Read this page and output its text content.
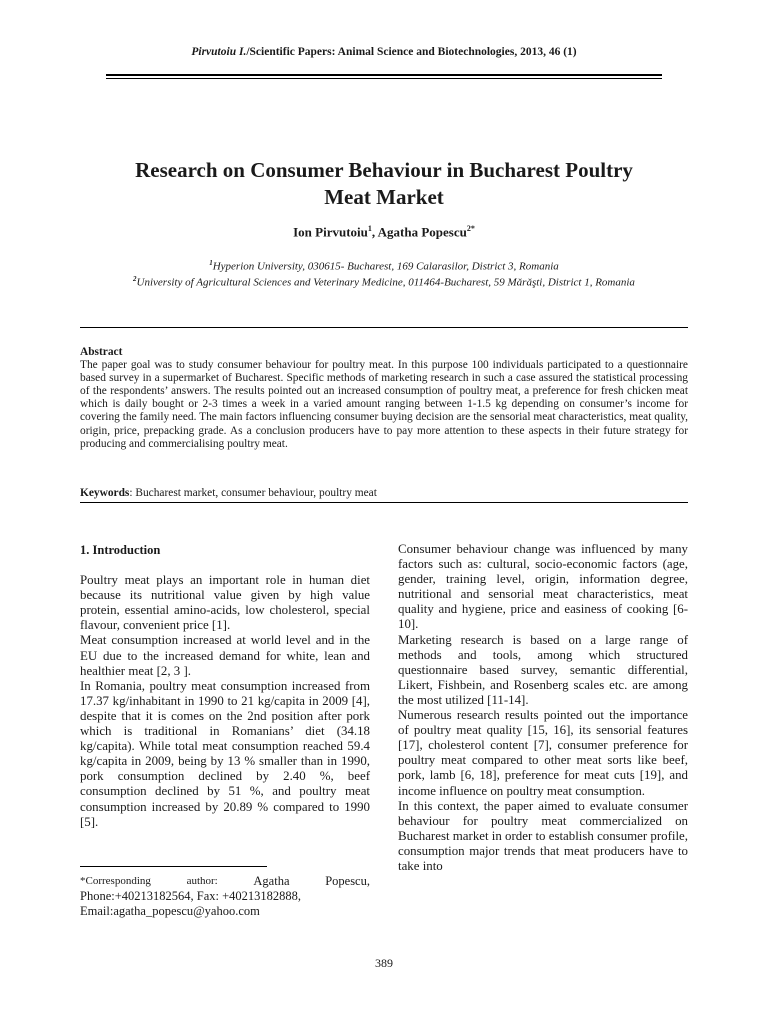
Pirvutoiu I./Scientific Papers: Animal Science and Biotechnologies, 2013, 46 (1)
Research on Consumer Behaviour in Bucharest Poultry
Meat Market
Ion Pirvutoiu$^1$, Agatha Popescu$^{2*}$
$^1$Hyperion University, 030615- Bucharest, 169 Calarasilor, District 3, Romania
$^2$University of Agricultural Sciences and Veterinary Medicine, 011464-Bucharest, 59 Mărăşti, District 1, Romania
Abstract
The paper goal was to study consumer behaviour for poultry meat. In this purpose 100 individuals participated to a questionnaire based survey in a supermarket of Bucharest. Specific methods of marketing research in such a case assured the statistical processing of the respondents’ answers. The results pointed out an increased consumption of poultry meat, a preference for fresh chicken meat which is daily bought or 2-3 times a week in a varied amount ranging between 1-1.5 kg depending on consumer’s income for covering the family need. The main factors influencing consumer buying decision are the sensorial meat characteristics, meat quality, origin, price, prepacking grade. As a conclusion producers have to pay more attention to these aspects in their future strategy for producing and commercialising poultry meat.
Keywords: Bucharest market, consumer behaviour, poultry meat

1. Introduction

Poultry meat plays an important role in human diet because its nutritional value given by high value protein, essential amino-acids, low cholesterol, special flavour, convenient price [1].

Meat consumption increased at world level and in the EU due to the increased demand for white, lean and healthier meat [2, 3 ].

In Romania, poultry meat consumption increased from 17.37 kg/inhabitant in 1990 to 21 kg/capita in 2009 [4], despite that it is comes on the 2nd position after pork which is traditional in Romanians’ diet (34.18 kg/capita). While total meat consumption reached 59.4 kg/capita in 2009, being by 13 % smaller than in 1990, pork consumption declined by 2.40 %, beef consumption declined by 51 %, and poultry meat consumption increased by 20.89 % compared to 1990 [5].

Consumer behaviour change was influenced by many factors such as: cultural, socio-economic factors (age, gender, training level, origin, information degree, nutritional and sensorial meat characteristics, meat quality and hygiene, price and easiness of cooking [6-10].

Marketing research is based on a large range of methods and tools, among which structured questionnaire based survey, semantic differential, Likert, Fishbein, and Rosenberg scales etc. are among the most utilized [11-14].

Numerous research results pointed out the importance of poultry meat quality [15, 16], its sensorial features [17], cholesterol content [7], consumer preference for poultry meat compared to other meat sorts like beef, pork, lamb [6, 18], preference for meat cuts [19], and income influence on poultry meat consumption.

In this context, the paper aimed to evaluate consumer behaviour for poultry meat commercialized on Bucharest market in order to establish consumer profile, consumption major trends that meat producers have to take into

*Corresponding	author:	Agatha	Popescu,
Phone:+40213182564, Fax: +40213182888,
Email:agatha_popescu@yahoo.com
389
